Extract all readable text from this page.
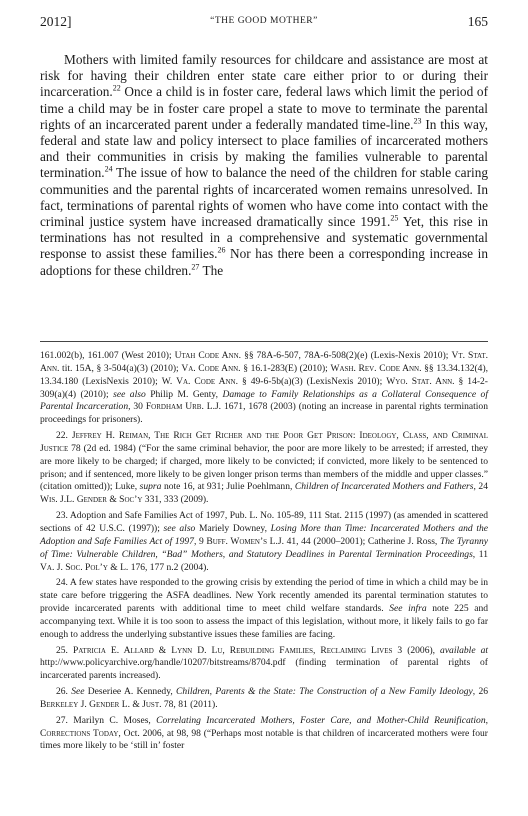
2012]	“THE GOOD MOTHER”	165

Mothers with limited family resources for childcare and assistance are most at risk for having their children enter state care either prior to or during their incarceration.$^{22}$ Once a child is in foster care, federal laws which limit the period of time a child may be in foster care propel a state to move to terminate the parental rights of an incarcerated parent under a federally mandated time-line.$^{23}$ In this way, federal and state law and policy intersect to place families of incarcerated mothers and their communities in crisis by making the families vulnerable to parental termination.$^{24}$ The issue of how to balance the need of the children for stable caring communities and the parental rights of incarcerated women remains unresolved. In fact, terminations of parental rights of women who have come into contact with the criminal justice system have increased dramatically since 1991.25 Yet, this rise in terminations has not resulted in a comprehensive and systematic governmental response to assist these families.$^{26}$ Nor has there been a corresponding increase in adoptions for these children.$^{27}$ The

161.002(b), 161.007 (West 2010); Utah Code Ann. §§ 78A-6-507, 78A-6-508(2)(e) (Lexis-Nexis 2010); Vt. Stat. Ann. tit. 15A, § 3-504(a)(3) (2010); Va. Code Ann. § 16.1-283(E) (2010); Wash. Rev. Code Ann. §§ 13.34.132(4), 13.34.180 (LexisNexis 2010); W. Va. Code Ann. § 49-6-5b(a)(3) (LexisNexis 2010); Wyo. Stat. Ann. § 14-2-309(a)(4) (2010); see also Philip M. Genty, Damage to Family Relationships as a Collateral Consequence of Parental Incarceration, 30 Fordham Urb. L.J. 1671, 1678 (2003) (noting an increase in parental rights termination proceedings for prisoners).

22. Jeffrey H. Reiman, The Rich Get Richer and the Poor Get Prison: Ideology, Class, and Criminal Justice 78 (2d ed. 1984) (“For the same criminal behavior, the poor are more likely to be arrested; if arrested, they are more likely to be charged; if charged, more likely to be convicted; if convicted, more likely to be sentenced to prison; and if sentenced, more likely to be given longer prison terms than members of the middle and upper classes.” (citation omitted)); Luke, supra note 16, at 931; Julie Poehlmann, Children of Incarcerated Mothers and Fathers, 24 Wis. J.L. Gender & Soc’y 331, 333 (2009).

23. Adoption and Safe Families Act of 1997, Pub. L. No. 105-89, 111 Stat. 2115 (1997) (as amended in scattered sections of 42 U.S.C. (1997)); see also Mariely Downey, Losing More than Time: Incarcerated Mothers and the Adoption and Safe Families Act of 1997, 9 Buff. Women’s L.J. 41, 44 (2000–2001); Catherine J. Ross, The Tyranny of Time: Vulnerable Children, “Bad” Mothers, and Statutory Deadlines in Parental Termination Proceedings, 11 Va. J. Soc. Pol’y & L. 176, 177 n.2 (2004).

24. A few states have responded to the growing crisis by extending the period of time in which a child may be in state care before triggering the ASFA deadlines. New York recently amended its parental termination statutes to provide incarcerated parents with additional time to meet child welfare standards. See infra note 225 and accompanying text. While it is too soon to assess the impact of this legislation, without more, it likely fails to go far enough to address the underlying substantive issues these families are facing.

25. Patricia E. Allard & Lynn D. Lu, Rebuilding Families, Reclaiming Lives 3 (2006), available at http://www.policyarchive.org/handle/10207/bitstreams/8704.pdf (finding termination of parental rights of incarcerated parents increased).

26. See Deseriee A. Kennedy, Children, Parents & the State: The Construction of a New Family Ideology, 26 Berkeley J. Gender L. & Just. 78, 81 (2011).

27. Marilyn C. Moses, Correlating Incarcerated Mothers, Foster Care, and Mother-Child Reunification, Corrections Today, Oct. 2006, at 98, 98 (“Perhaps most notable is that children of incarcerated mothers were four times more likely to be ‘still in’ foster
